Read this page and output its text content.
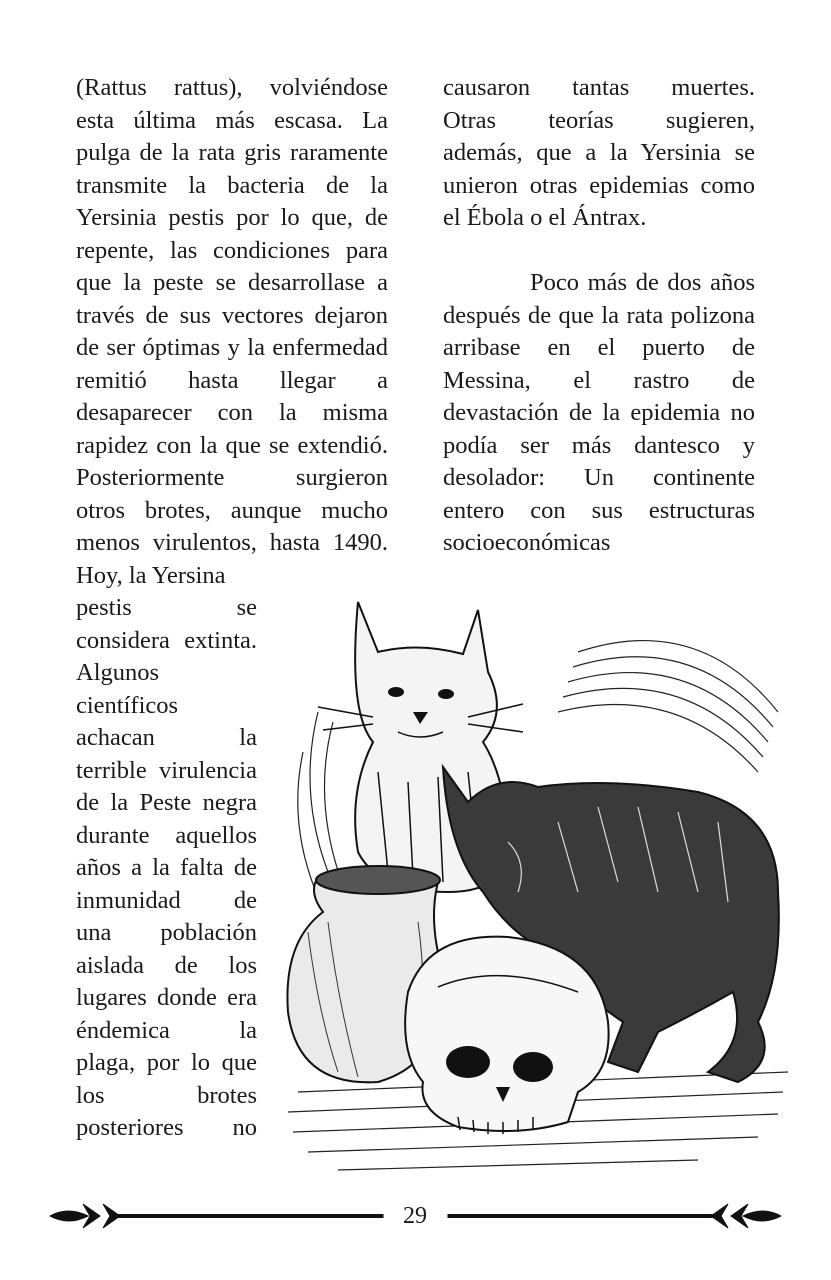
(Rattus rattus), volviéndose
esta última más escasa. La
pulga de la rata gris raramente
transmite la bacteria de la
Yersinia pestis por lo que, de
repente, las condiciones para
que la peste se desarrollase a
través de sus vectores dejaron
de ser óptimas y la enfermedad
remitió hasta llegar a
desaparecer con la misma
rapidez con la que se extendió.
Posteriormente surgieron
otros brotes, aunque mucho
menos virulentos, hasta 1490.
Hoy, la Yersina
pestis se
considera extinta.
Algunos
científicos
achacan la
terrible virulencia
de la Peste negra
durante aquellos
años a la falta de
inmunidad de
una población
aislada de los
lugares donde era
éndemica la
plaga, por lo que
los brotes
posteriores no
causaron tantas muertes.
Otras teorías sugieren,
además, que a la Yersinia se
unieron otras epidemias como
el Ébola o el Ántrax.
Poco más de dos años
después de que la rata polizona
arribase en el puerto de
Messina, el rastro de
devastación de la epidemia no
podía ser más dantesco y
desolador: Un continente
entero con sus estructuras
socioeconómicas
29
